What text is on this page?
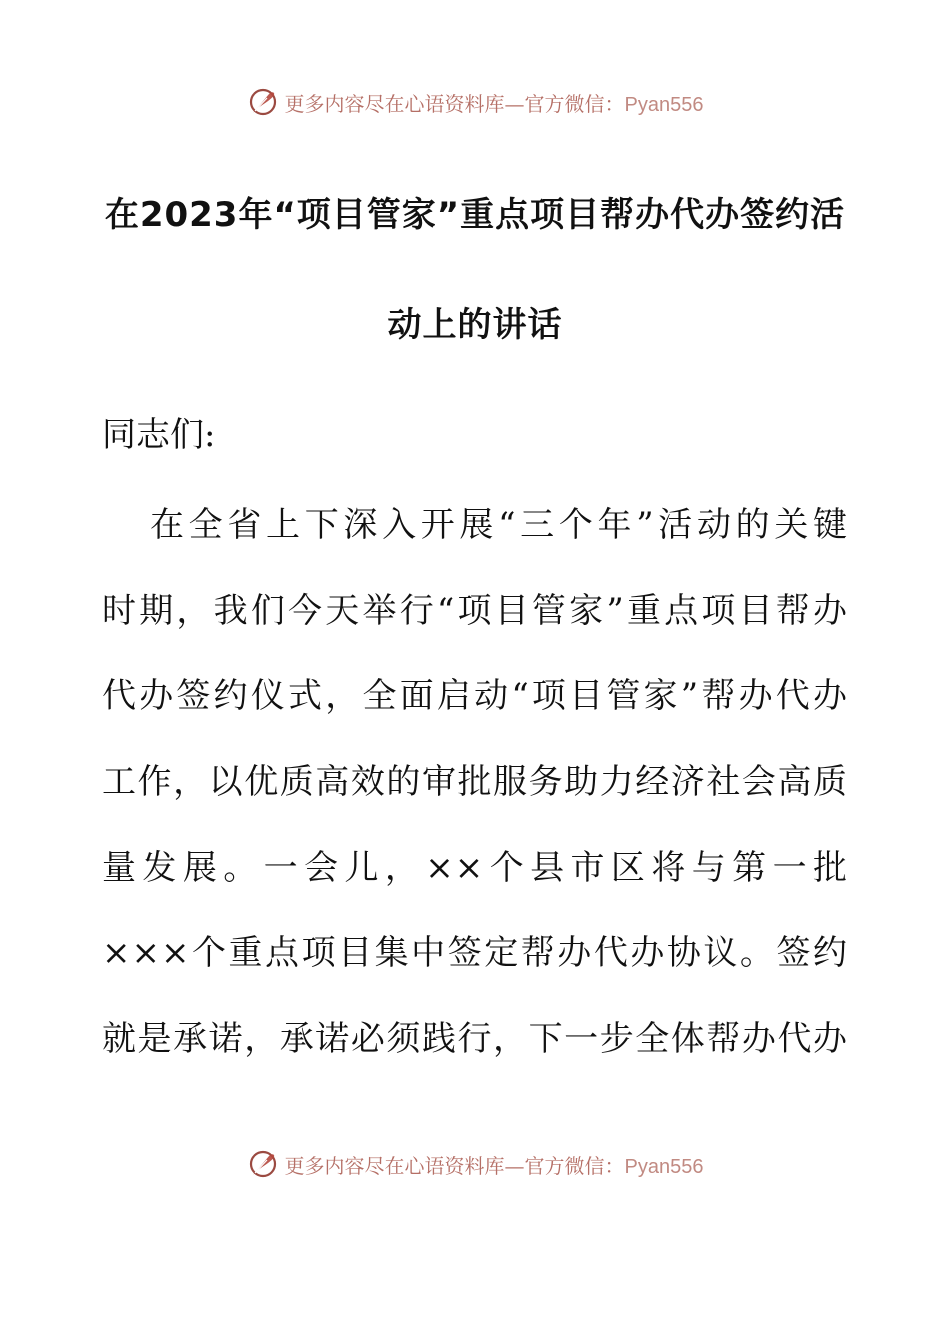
更多内容尽在心语资料库—官方微信：Pyan556
在2023年“项目管家”重点项目帮办代办签约活
动上的讲话
同志们:
在全省上下深入开展“三个年”活动的关键
时期，我们今天举行“项目管家”重点项目帮办
代办签约仪式，全面启动“项目管家”帮办代办
工作，以优质高效的审批服务助力经济社会高质
量发展。一会儿，××个县市区将与第一批
×××个重点项目集中签定帮办代办协议。签约
就是承诺，承诺必须践行，下一步全体帮办代办
更多内容尽在心语资料库—官方微信：Pyan556
